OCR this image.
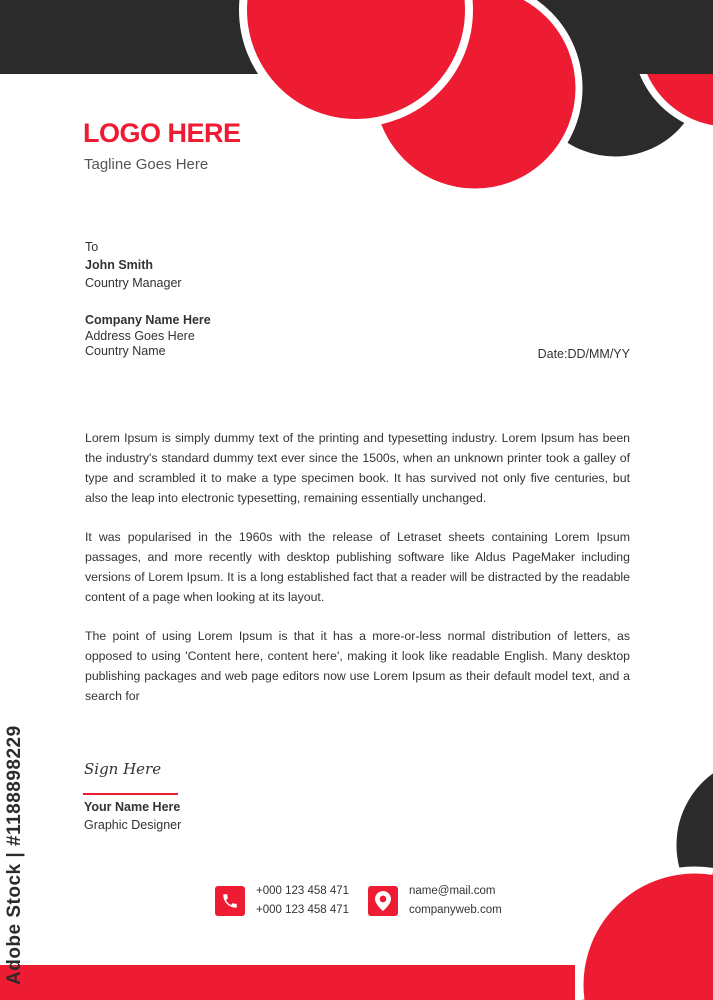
LOGO HERE
Tagline Goes Here
To
John Smith
Country Manager
Company Name Here
Address Goes Here
Country Name	Date:DD/MM/YY
Lorem Ipsum is simply dummy text of the printing and typesetting industry. Lorem Ipsum has been the industry's standard dummy text ever since the 1500s, when an unknown printer took a galley of type and scrambled it to make a type specimen book. It has survived not only five centuries, but also the leap into electronic typesetting, remaining essentially unchanged.
It was popularised in the 1960s with the release of Letraset sheets containing Lorem Ipsum passages, and more recently with desktop publishing software like Aldus PageMaker including versions of Lorem Ipsum. It is a long established fact that a reader will be distracted by the readable content of a page when looking at its layout.
The point of using Lorem Ipsum is that it has a more-or-less normal distribution of letters, as opposed to using 'Content here, content here', making it look like readable English. Many desktop publishing packages and web page editors now use Lorem Ipsum as their default model text, and a search for
Sign Here
Your Name Here
Graphic Designer
+000 123 458 471
+000 123 458 471
name@mail.com
companyweb.com
Adobe Stock | #1188898229
